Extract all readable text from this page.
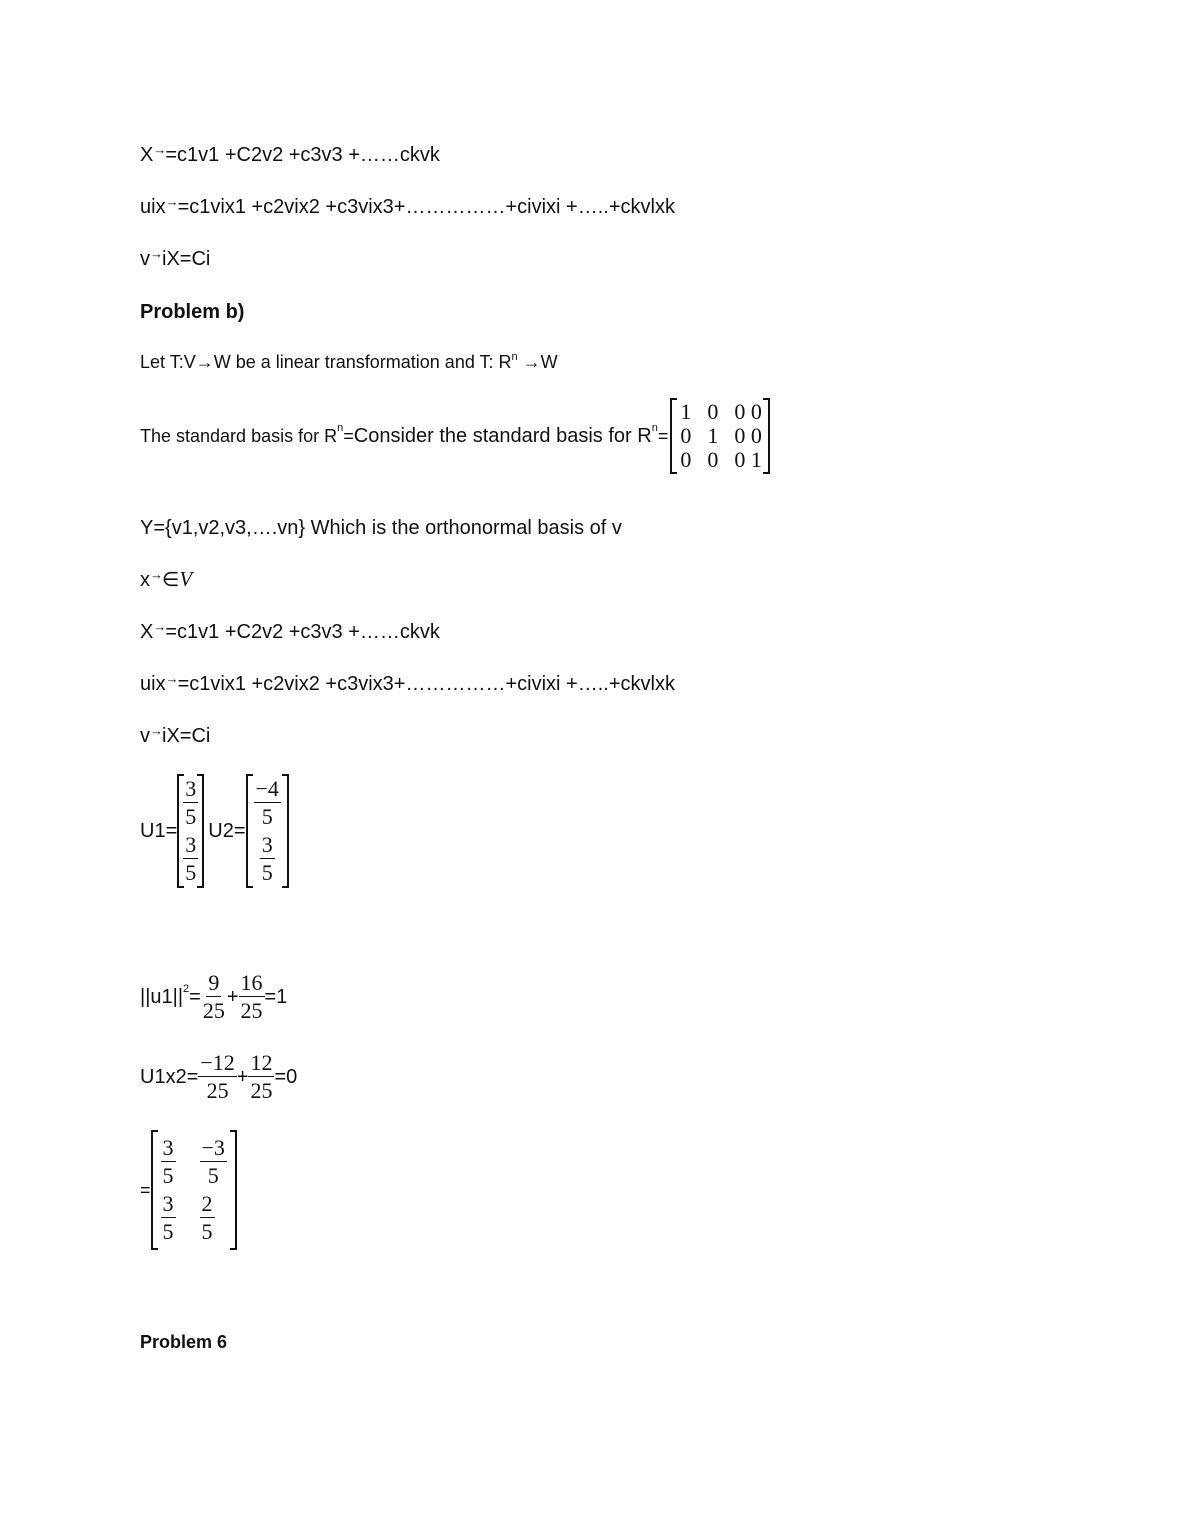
X→=c1v1 +C2v2 +c3v3 +……ckvk
uix→=c1vix1 +c2vix2 +c3vix3+……………+civixi +…..+ckvlxk
v→iX=Ci
Problem b)
Let T:V→W be a linear transformation and T: $R^n \to W$
The standard basis for R n = Consider the standard basis for R n =
1	0	0 0
0	1	0 0
0	0	0 1
Y={v1,v2,v3,….vn} Which is the orthonormal basis of v
x→∈V
X→=c1v1 +C2v2 +c3v3 +……ckvk
uix→=c1vix1 +c2vix2 +c3vix3+……………+civixi +…..+ckvlxk
v→iX=Ci
U1=
$\frac{3}{5}$
$\frac{3}{5}$
U2=
$\frac{-4}{5}$
$\frac{3}{5}$
||u1|| $2 = \frac{9}{25} + \frac{16}{25} =1$
$U1x2= \frac{-12}{25} + \frac{12}{25} =0$
=
$\frac{3}{5}$	$\frac{-3}{5}$

$\frac{3}{5}$	$\frac{2}{5}$
Problem 6
